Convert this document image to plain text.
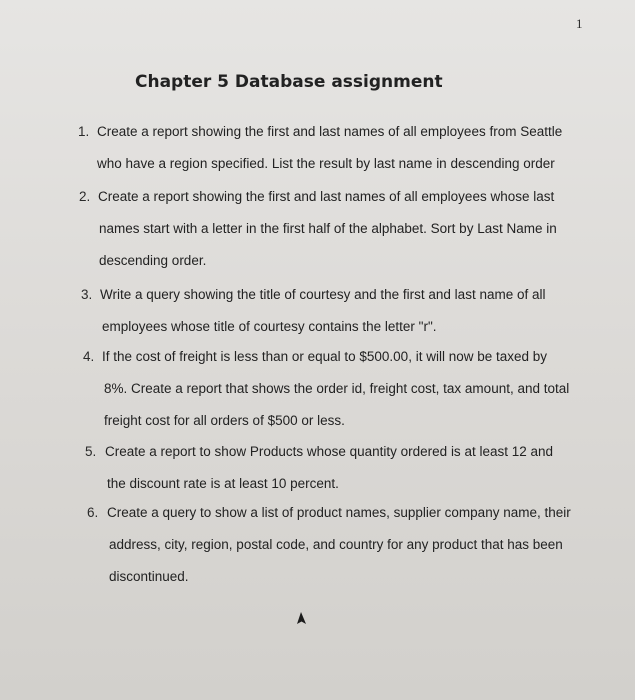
1
Chapter 5 Database assignment
1. Create a report showing the first and last names of all employees from Seattle
who have a region specified. List the result by last name in descending order
2. Create a report showing the first and last names of all employees whose last
names start with a letter in the first half of the alphabet. Sort by Last Name in
descending order.
3. Write a query showing the title of courtesy and the first and last name of all
employees whose title of courtesy contains the letter "r".
4. If the cost of freight is less than or equal to $500.00, it will now be taxed by
8%. Create a report that shows the order id, freight cost, tax amount, and total
freight cost for all orders of $500 or less.
5. Create a report to show Products whose quantity ordered is at least 12 and
the discount rate is at least 10 percent.
6. Create a query to show a list of product names, supplier company name, their
address, city, region, postal code, and country for any product that has been
discontinued.
